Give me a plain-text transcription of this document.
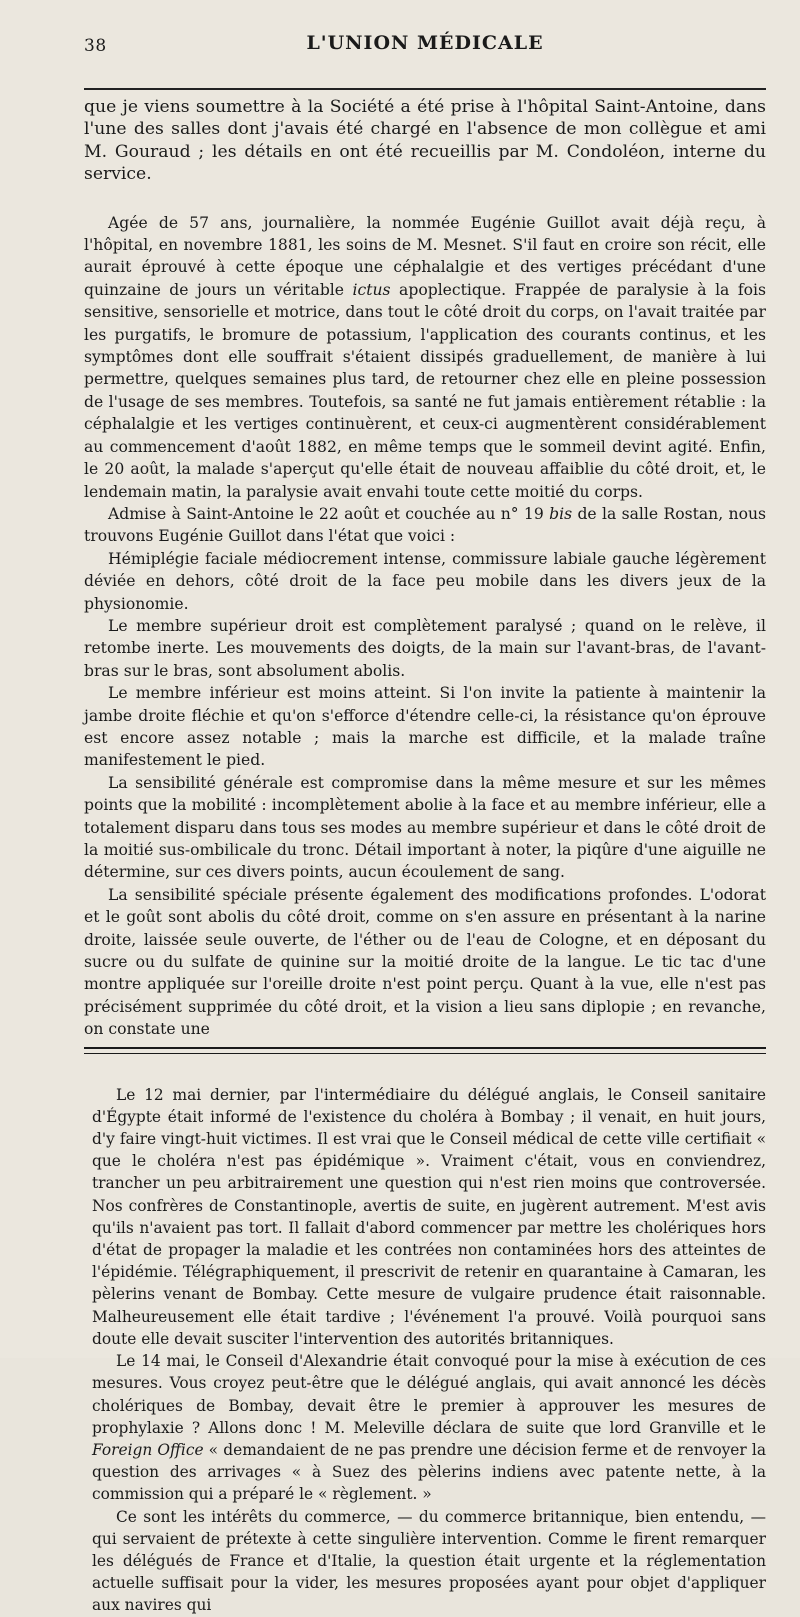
38	L'UNION MÉDICALE

que je viens soumettre à la Société a été prise à l'hôpital Saint-Antoine, dans l'une des salles dont j'avais été chargé en l'absence de mon collègue et ami M. Gouraud ; les détails en ont été recueillis par M. Condoléon, interne du service.

Agée de 57 ans, journalière, la nommée Eugénie Guillot avait déjà reçu, à l'hôpital, en novembre 1881, les soins de M. Mesnet. S'il faut en croire son récit, elle aurait éprouvé à cette époque une céphalalgie et des vertiges précédant d'une quinzaine de jours un véritable ictus apoplectique. Frappée de paralysie à la fois sensitive, sensorielle et motrice, dans tout le côté droit du corps, on l'avait traitée par les purgatifs, le bromure de potassium, l'application des courants continus, et les symptômes dont elle souffrait s'étaient dissipés graduellement, de manière à lui permettre, quelques semaines plus tard, de retourner chez elle en pleine possession de l'usage de ses membres. Toutefois, sa santé ne fut jamais entièrement rétablie : la céphalalgie et les vertiges continuèrent, et ceux-ci augmentèrent considérablement au commencement d'août 1882, en même temps que le sommeil devint agité. Enfin, le 20 août, la malade s'aperçut qu'elle était de nouveau affaiblie du côté droit, et, le lendemain matin, la paralysie avait envahi toute cette moitié du corps.

Admise à Saint-Antoine le 22 août et couchée au n° 19 bis de la salle Rostan, nous trouvons Eugénie Guillot dans l'état que voici :

Hémiplégie faciale médiocrement intense, commissure labiale gauche légèrement déviée en dehors, côté droit de la face peu mobile dans les divers jeux de la physionomie.

Le membre supérieur droit est complètement paralysé ; quand on le relève, il retombe inerte. Les mouvements des doigts, de la main sur l'avant-bras, de l'avant-bras sur le bras, sont absolument abolis.

Le membre inférieur est moins atteint. Si l'on invite la patiente à maintenir la jambe droite fléchie et qu'on s'efforce d'étendre celle-ci, la résistance qu'on éprouve est encore assez notable ; mais la marche est difficile, et la malade traîne manifestement le pied.

La sensibilité générale est compromise dans la même mesure et sur les mêmes points que la mobilité : incomplètement abolie à la face et au membre inférieur, elle a totalement disparu dans tous ses modes au membre supérieur et dans le côté droit de la moitié sus-ombilicale du tronc. Détail important à noter, la piqûre d'une aiguille ne détermine, sur ces divers points, aucun écoulement de sang.

La sensibilité spéciale présente également des modifications profondes. L'odorat et le goût sont abolis du côté droit, comme on s'en assure en présentant à la narine droite, laissée seule ouverte, de l'éther ou de l'eau de Cologne, et en déposant du sucre ou du sulfate de quinine sur la moitié droite de la langue. Le tic tac d'une montre appliquée sur l'oreille droite n'est point perçu. Quant à la vue, elle n'est pas précisément supprimée du côté droit, et la vision a lieu sans diplopie ; en revanche, on constate une

Le 12 mai dernier, par l'intermédiaire du délégué anglais, le Conseil sanitaire d'Égypte était informé de l'existence du choléra à Bombay ; il venait, en huit jours, d'y faire vingt-huit victimes. Il est vrai que le Conseil médical de cette ville certifiait « que le choléra n'est pas épidémique ». Vraiment c'était, vous en conviendrez, trancher un peu arbitrairement une question qui n'est rien moins que controversée. Nos confrères de Constantinople, avertis de suite, en jugèrent autrement. M'est avis qu'ils n'avaient pas tort. Il fallait d'abord commencer par mettre les cholériques hors d'état de propager la maladie et les contrées non contaminées hors des atteintes de l'épidémie. Télégraphiquement, il prescrivit de retenir en quarantaine à Camaran, les pèlerins venant de Bombay. Cette mesure de vulgaire prudence était raisonnable. Malheureusement elle était tardive ; l'événement l'a prouvé. Voilà pourquoi sans doute elle devait susciter l'intervention des autorités britanniques.

Le 14 mai, le Conseil d'Alexandrie était convoqué pour la mise à exécution de ces mesures. Vous croyez peut-être que le délégué anglais, qui avait annoncé les décès cholériques de Bombay, devait être le premier à approuver les mesures de prophylaxie ? Allons donc ! M. Meleville déclara de suite que lord Granville et le Foreign Office « demandaient de ne pas prendre une décision ferme et de renvoyer la question des arrivages « à Suez des pèlerins indiens avec patente nette, à la commission qui a préparé le « règlement. »

Ce sont les intérêts du commerce, — du commerce britannique, bien entendu, — qui servaient de prétexte à cette singulière intervention. Comme le firent remarquer les délégués de France et d'Italie, la question était urgente et la réglementation actuelle suffisait pour la vider, les mesures proposées ayant pour objet d'appliquer aux navires qui
